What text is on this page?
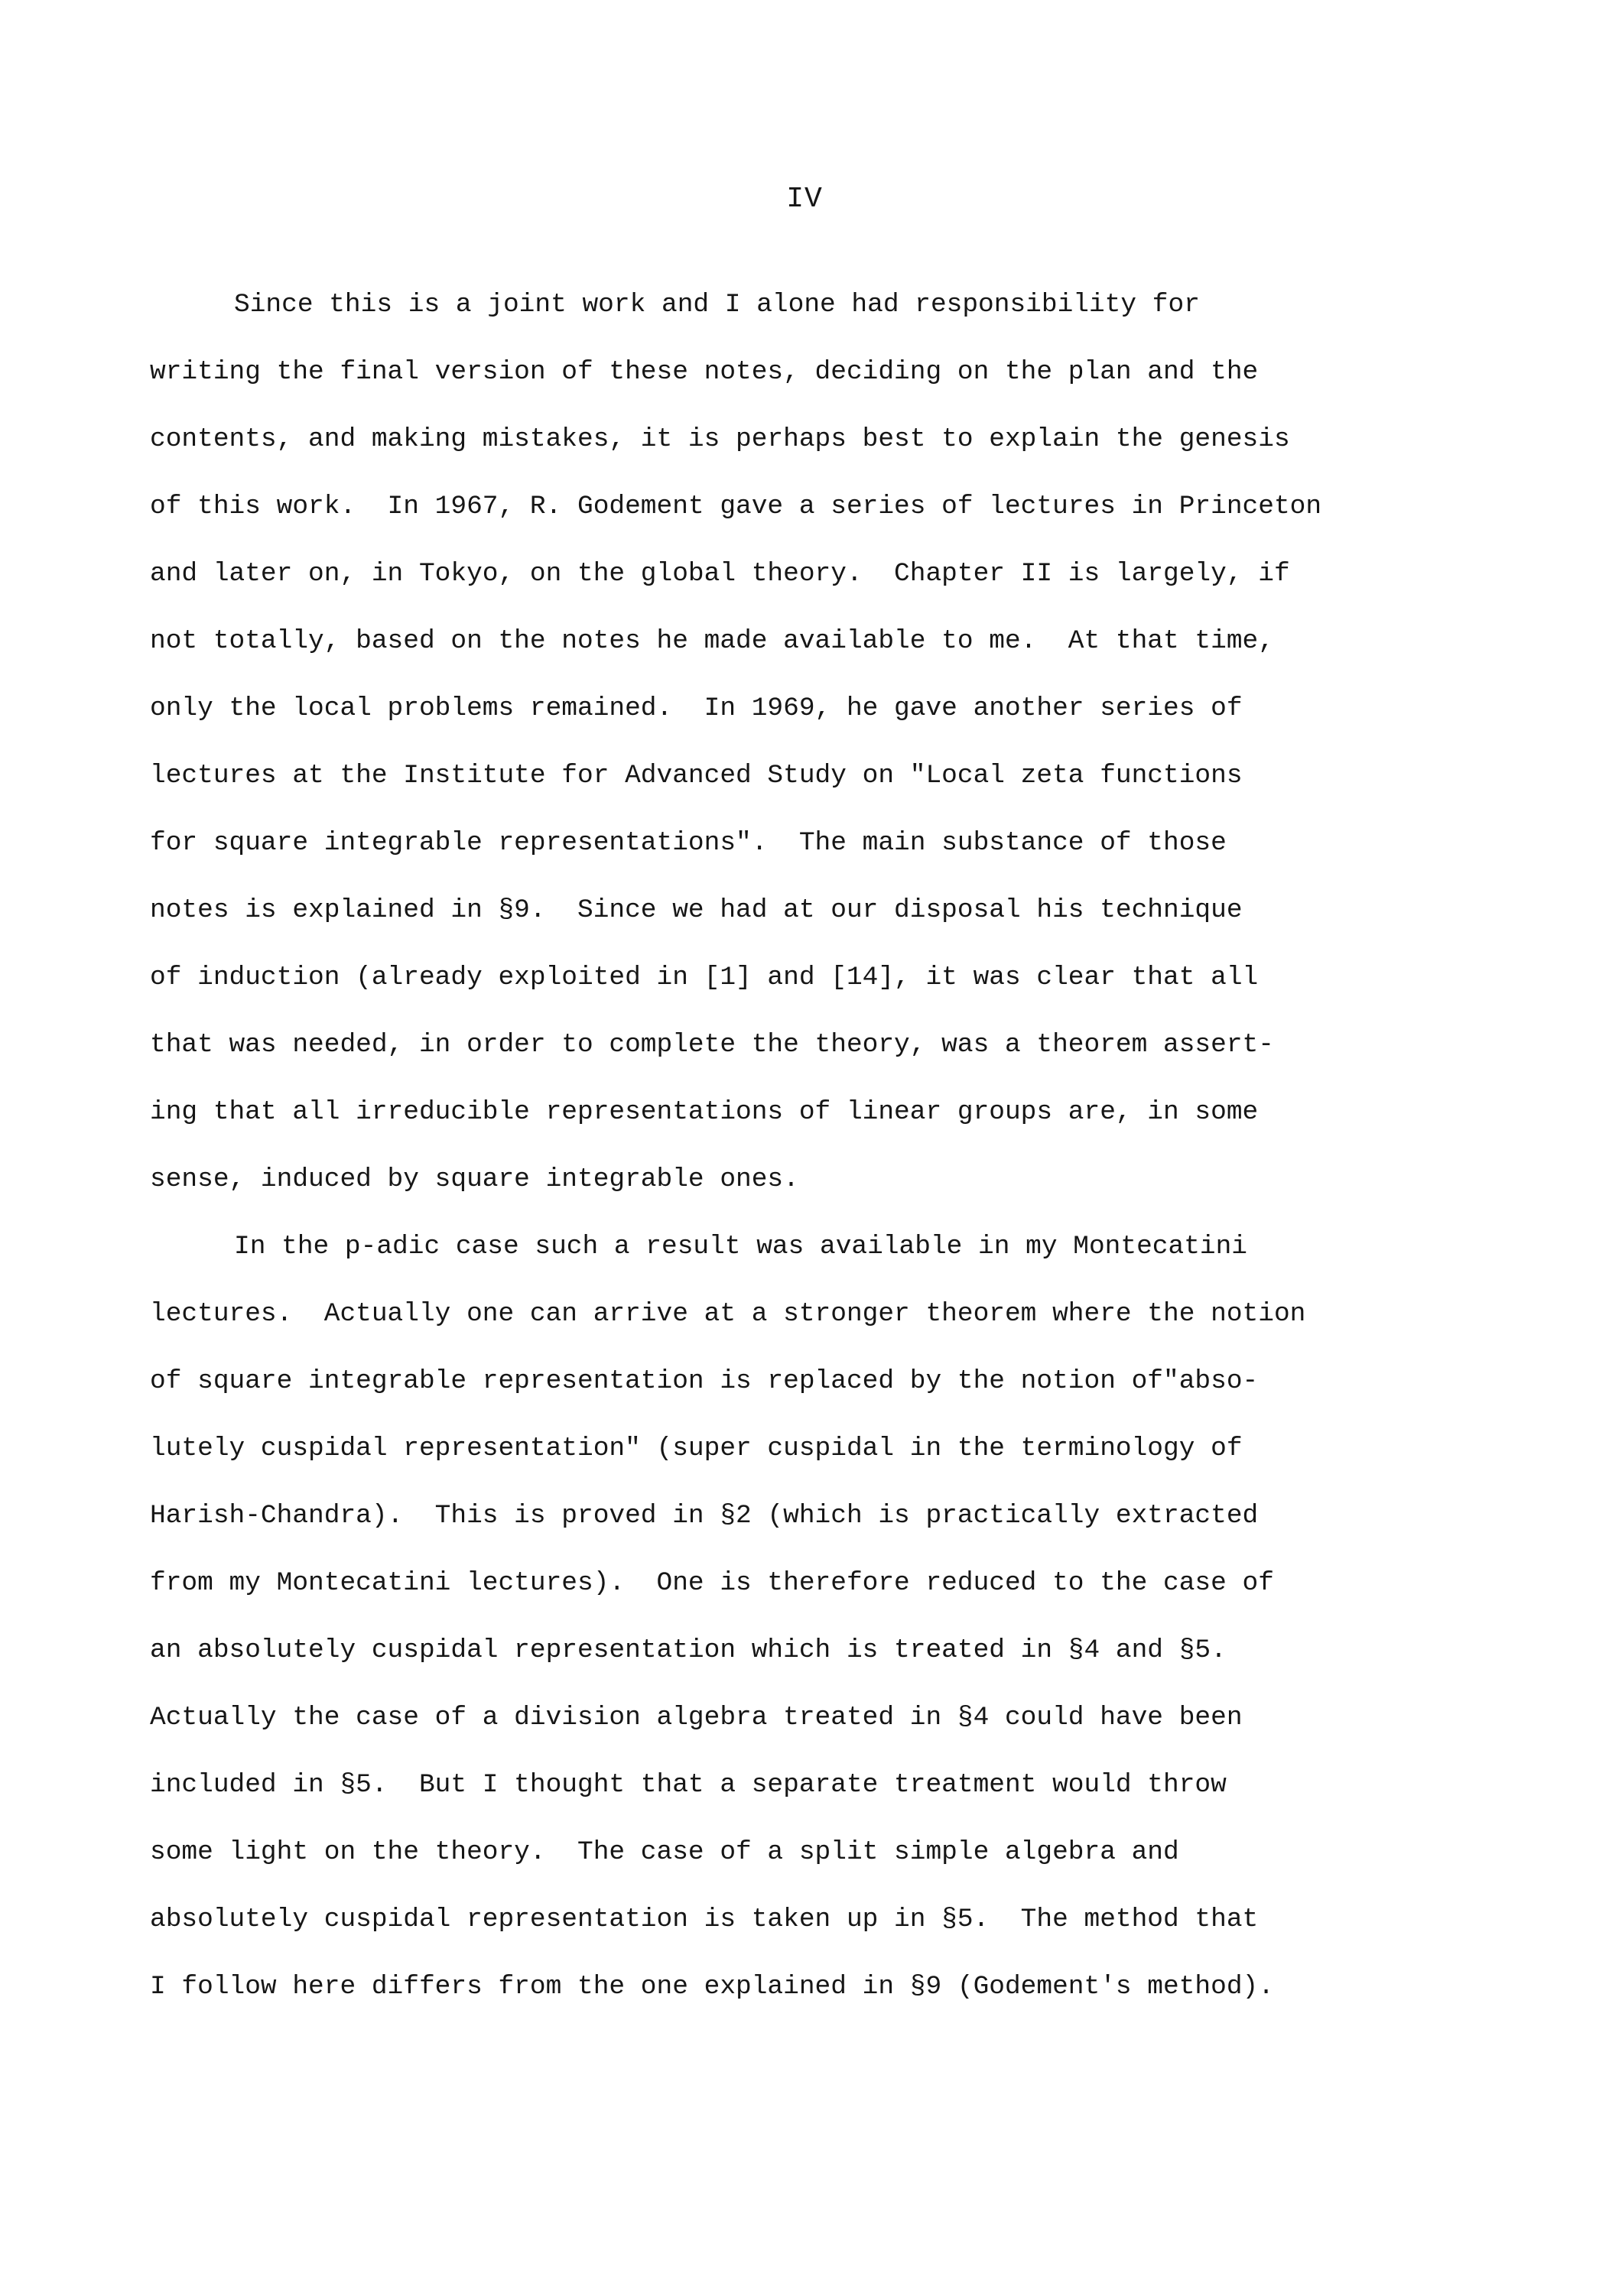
IV
Since this is a joint work and I alone had responsibility for
writing the final version of these notes, deciding on the plan and the
contents, and making mistakes, it is perhaps best to explain the genesis
of this work.  In 1967, R. Godement gave a series of lectures in Princeton
and later on, in Tokyo, on the global theory.  Chapter II is largely, if
not totally, based on the notes he made available to me.  At that time,
only the local problems remained.  In 1969, he gave another series of
lectures at the Institute for Advanced Study on "Local zeta functions
for square integrable representations".  The main substance of those
notes is explained in §9.  Since we had at our disposal his technique
of induction (already exploited in [1] and [14], it was clear that all
that was needed, in order to complete the theory, was a theorem assert-
ing that all irreducible representations of linear groups are, in some
sense, induced by square integrable ones.
In the p-adic case such a result was available in my Montecatini
lectures.  Actually one can arrive at a stronger theorem where the notion
of square integrable representation is replaced by the notion of"abso-
lutely cuspidal representation" (super cuspidal in the terminology of
Harish-Chandra).  This is proved in §2 (which is practically extracted
from my Montecatini lectures).  One is therefore reduced to the case of
an absolutely cuspidal representation which is treated in §4 and §5.
Actually the case of a division algebra treated in §4 could have been
included in §5.  But I thought that a separate treatment would throw
some light on the theory.  The case of a split simple algebra and
absolutely cuspidal representation is taken up in §5.  The method that
I follow here differs from the one explained in §9 (Godement's method).
